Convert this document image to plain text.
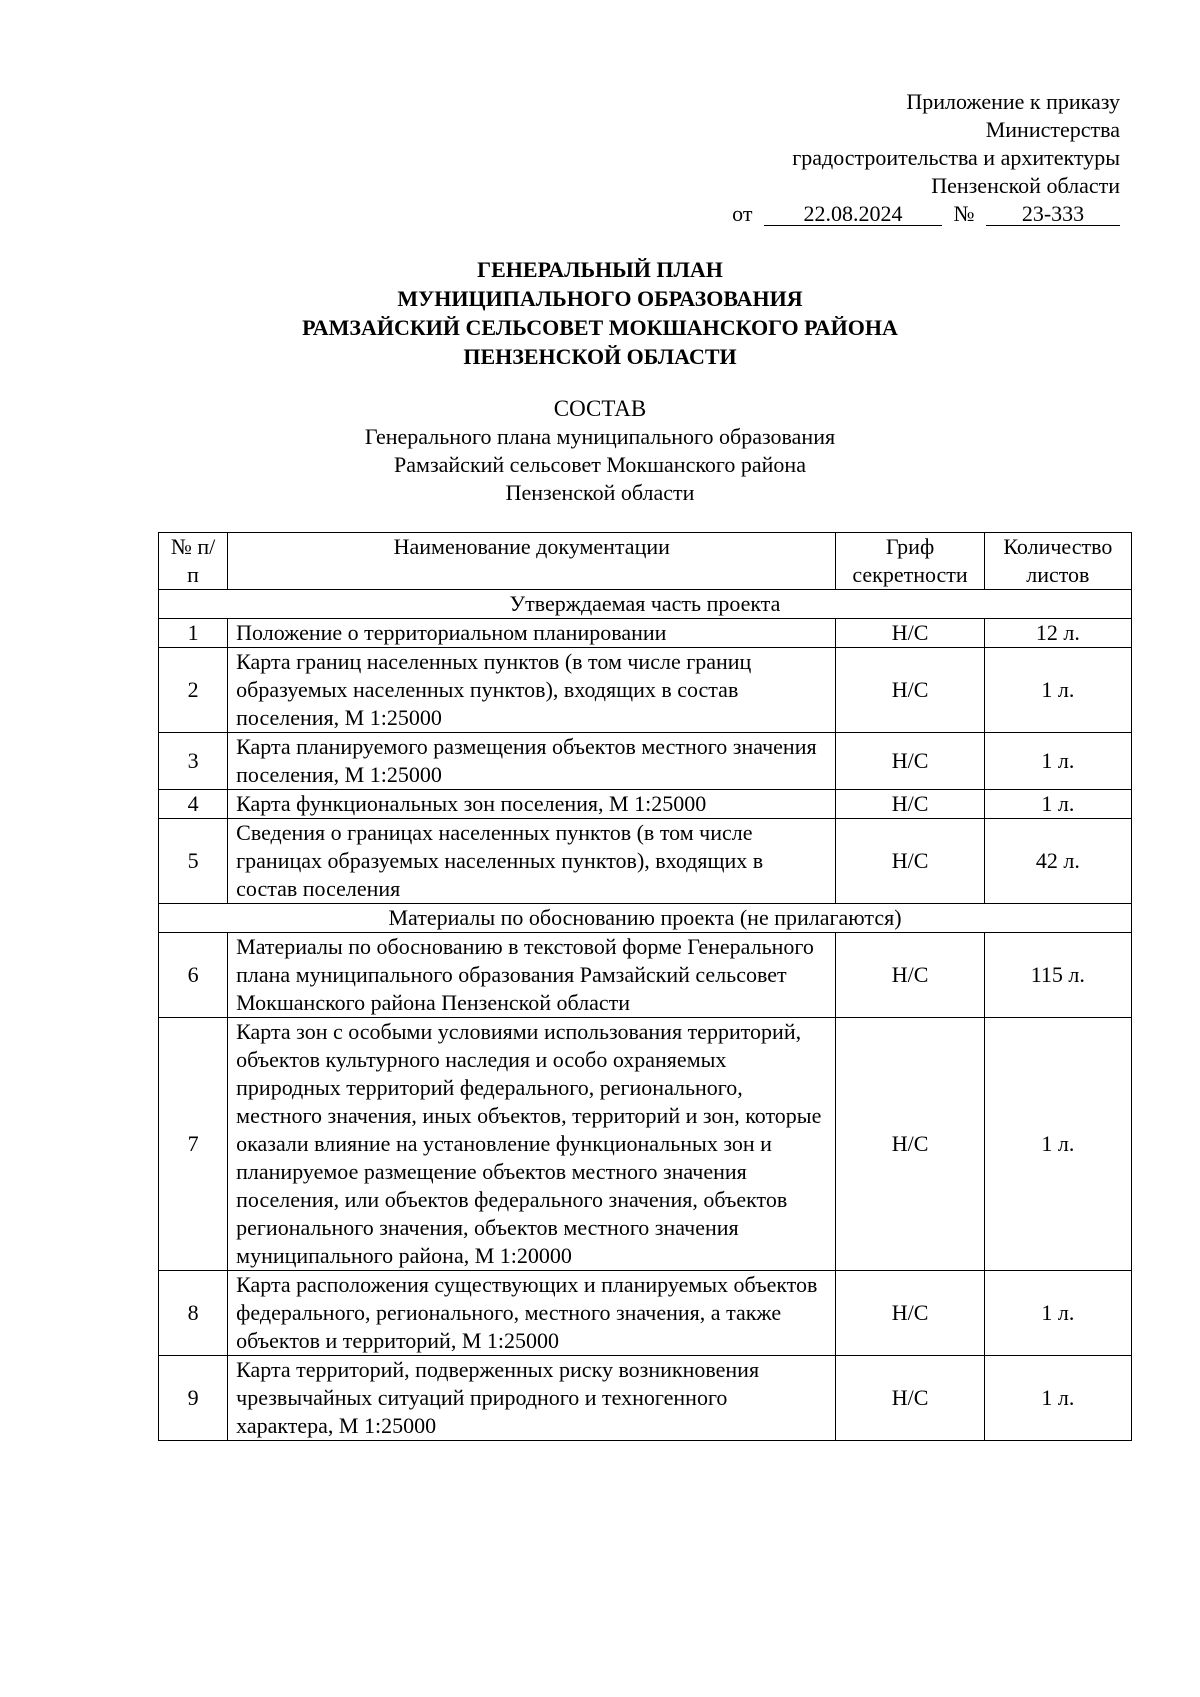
Приложение к приказу
Министерства
градостроительства и архитектуры
Пензенской области
от 22.08.2024 № 23-333
ГЕНЕРАЛЬНЫЙ ПЛАН
МУНИЦИПАЛЬНОГО ОБРАЗОВАНИЯ
РАМЗАЙСКИЙ СЕЛЬСОВЕТ МОКШАНСКОГО РАЙОНА
ПЕНЗЕНСКОЙ ОБЛАСТИ
СОСТАВ
Генерального плана муниципального образования
Рамзайский сельсовет Мокшанского района
Пензенской области
№ п/п	Наименование документации	Гриф секретности	Количество листов
Утверждаемая часть проекта			
1	Положение о территориальном планировании	Н/С	12 л.
2	Карта границ населенных пунктов (в том числе границ образуемых населенных пунктов), входящих в состав поселения, М 1:25000	Н/С	1 л.
3	Карта планируемого размещения объектов местного значения поселения, М 1:25000	Н/С	1 л.
4	Карта функциональных зон поселения, М 1:25000	Н/С	1 л.
5	Сведения о границах населенных пунктов (в том числе границах образуемых населенных пунктов), входящих в состав поселения	Н/С	42 л.
Материалы по обоснованию проекта (не прилагаются)			
6	Материалы по обоснованию в текстовой форме Генерального плана муниципального образования Рамзайский сельсовет Мокшанского района Пензенской области	Н/С	115 л.
7	Карта зон с особыми условиями использования территорий, объектов культурного наследия и особо охраняемых природных территорий федерального, регионального, местного значения, иных объектов, территорий и зон, которые оказали влияние на установление функциональных зон и планируемое размещение объектов местного значения поселения, или объектов федерального значения, объектов регионального значения, объектов местного значения муниципального района, М 1:20000	Н/С	1 л.
8	Карта расположения существующих и планируемых объектов федерального, регионального, местного значения, а также объектов и территорий, М 1:25000	Н/С	1 л.
9	Карта территорий, подверженных риску возникновения чрезвычайных ситуаций природного и техногенного характера, М 1:25000	Н/С	1 л.
